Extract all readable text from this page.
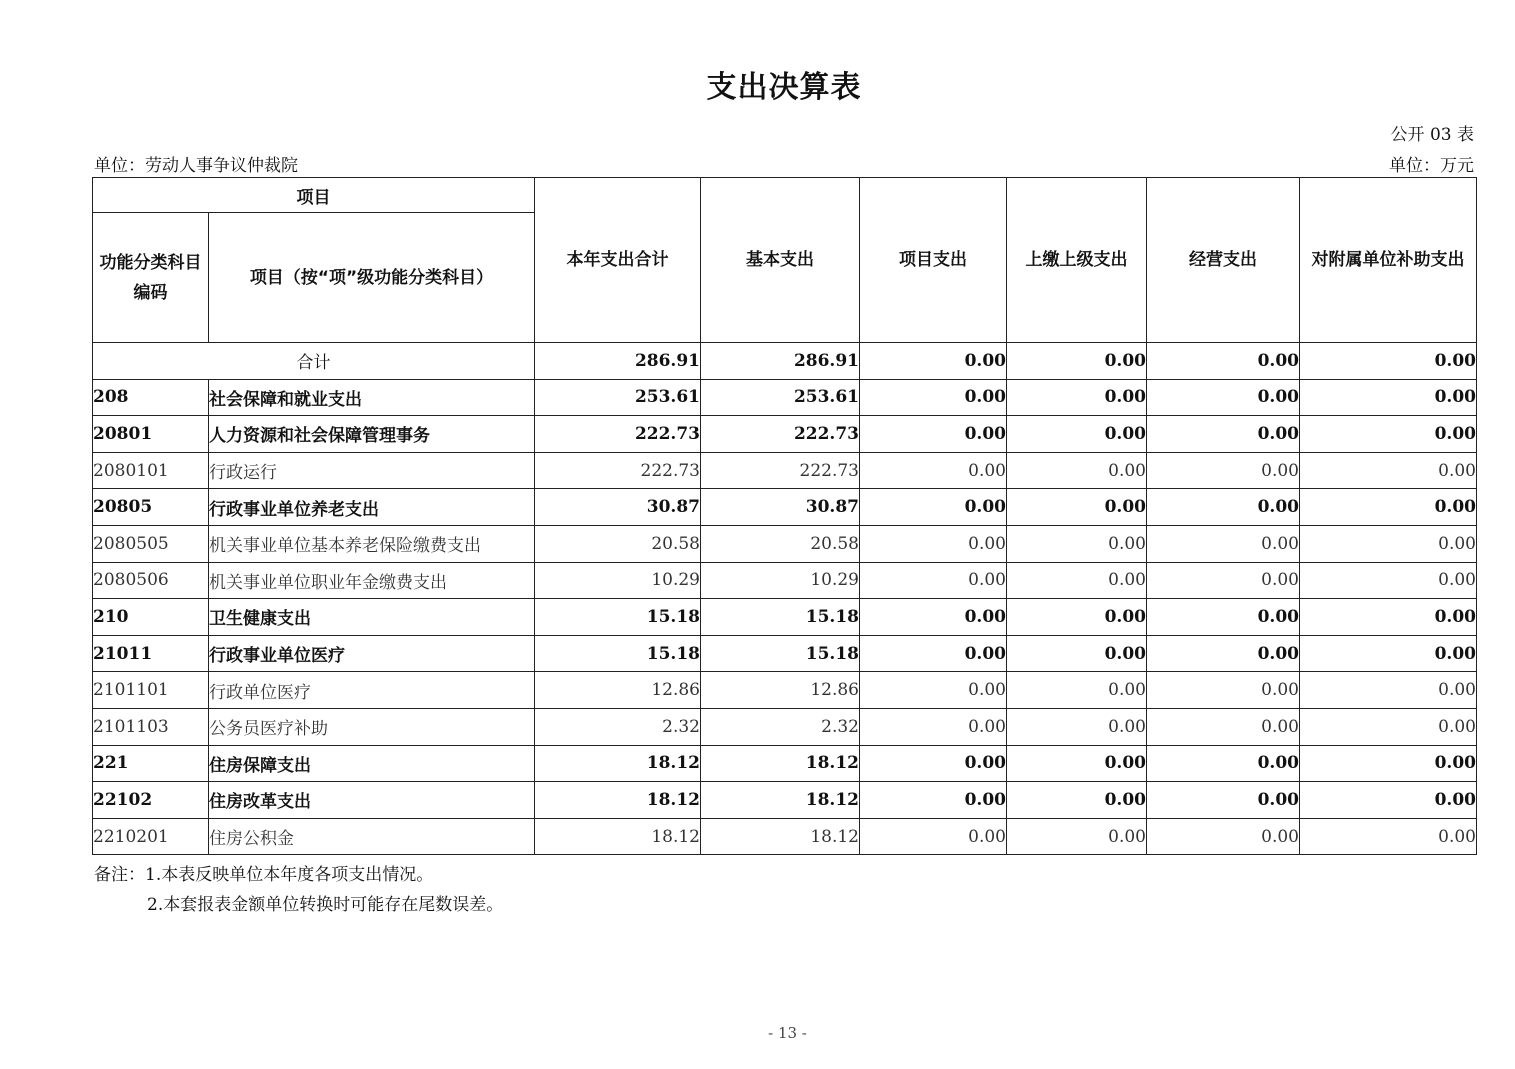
支出决算表
公开 03 表
单位：劳动人事争议仲裁院	单位：万元
项目		本年支出合计	基本支出	项目支出	上缴上级支出	经营支出	对附属单位补助支出
功能分类科目编码	项目（按“项”级功能分类科目）						
合计		286.91	286.91	0.00	0.00	0.00	0.00
208	社会保障和就业支出	253.61	253.61	0.00	0.00	0.00	0.00
20801	人力资源和社会保障管理事务	222.73	222.73	0.00	0.00	0.00	0.00
2080101	行政运行	222.73	222.73	0.00	0.00	0.00	0.00
20805	行政事业单位养老支出	30.87	30.87	0.00	0.00	0.00	0.00
2080505	机关事业单位基本养老保险缴费支出	20.58	20.58	0.00	0.00	0.00	0.00
2080506	机关事业单位职业年金缴费支出	10.29	10.29	0.00	0.00	0.00	0.00
210	卫生健康支出	15.18	15.18	0.00	0.00	0.00	0.00
21011	行政事业单位医疗	15.18	15.18	0.00	0.00	0.00	0.00
2101101	行政单位医疗	12.86	12.86	0.00	0.00	0.00	0.00
2101103	公务员医疗补助	2.32	2.32	0.00	0.00	0.00	0.00
221	住房保障支出	18.12	18.12	0.00	0.00	0.00	0.00
22102	住房改革支出	18.12	18.12	0.00	0.00	0.00	0.00
2210201	住房公积金	18.12	18.12	0.00	0.00	0.00	0.00
备注：1.本表反映单位本年度各项支出情况。
2.本套报表金额单位转换时可能存在尾数误差。
- 13 -
